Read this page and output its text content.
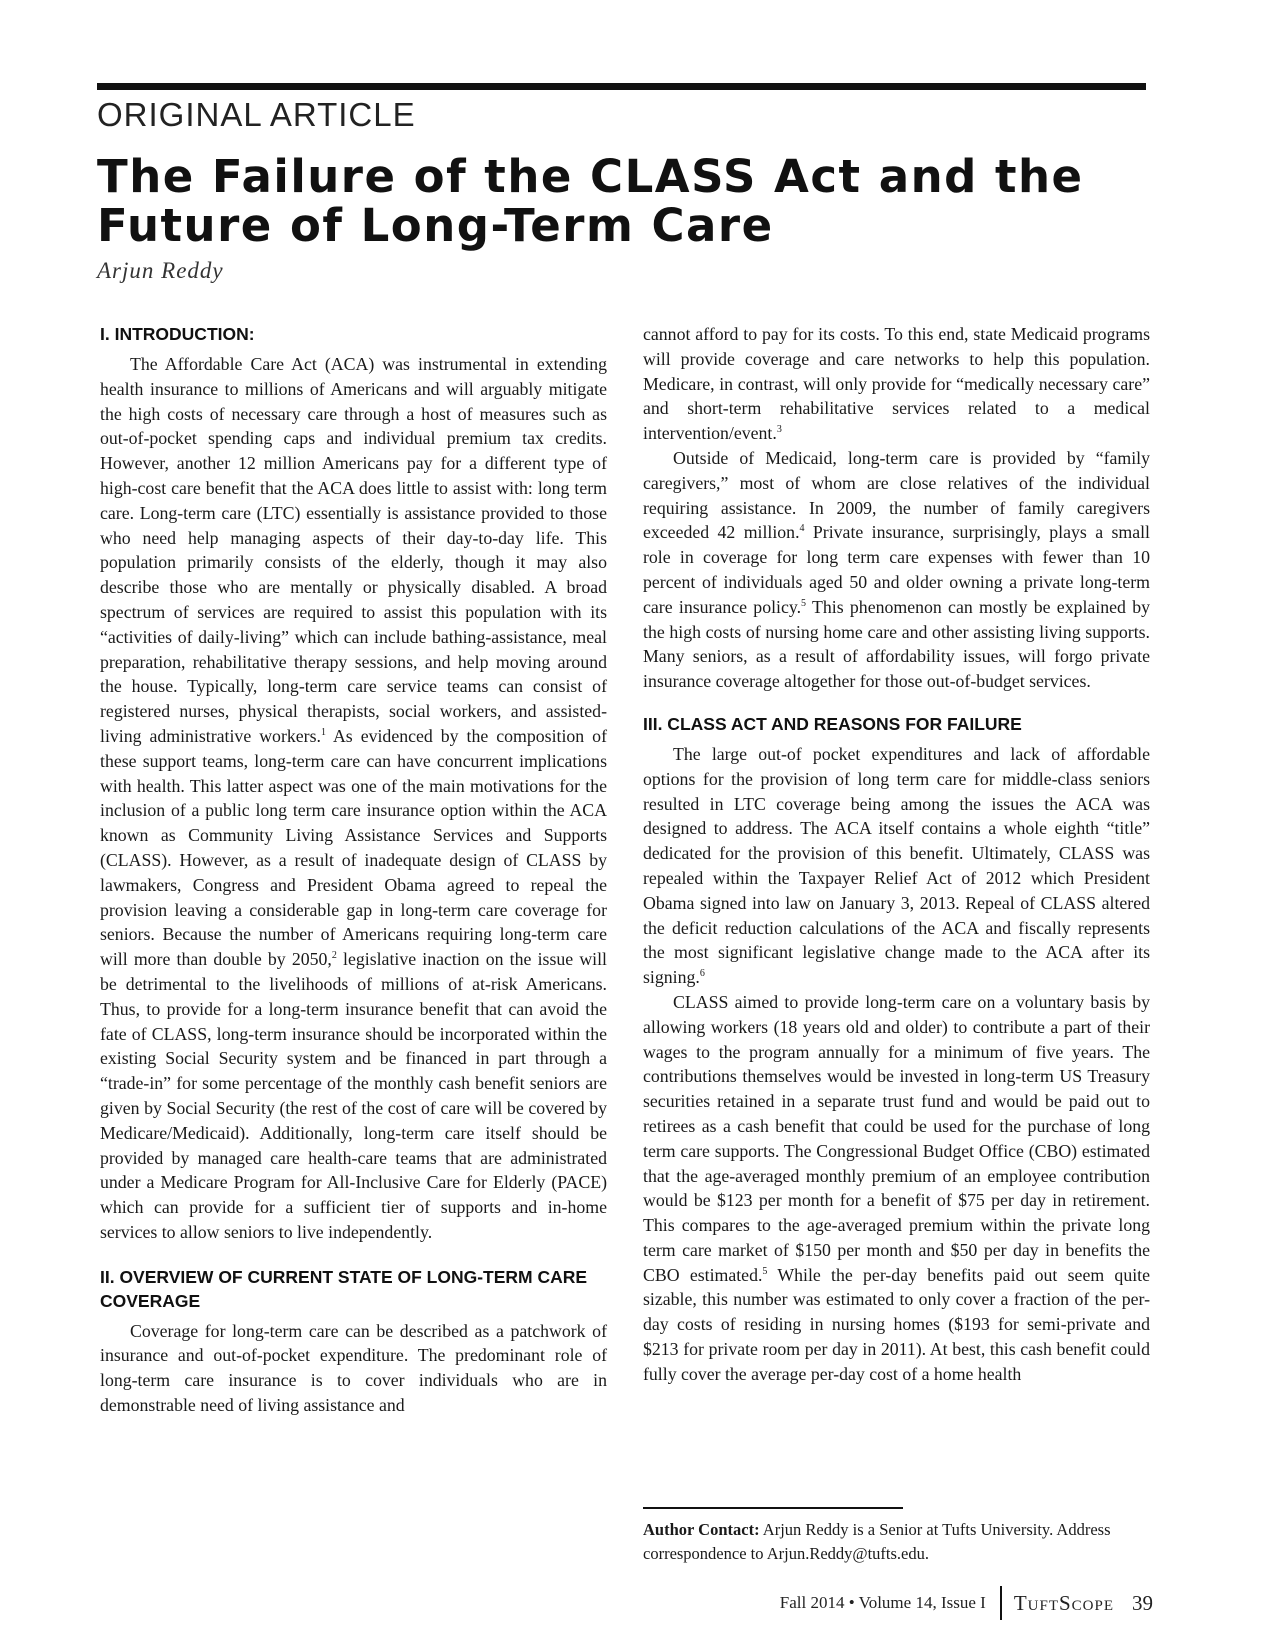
ORIGINAL ARTICLE
The Failure of the CLASS Act and the Future of Long-Term Care
Arjun Reddy
I. INTRODUCTION:

The Affordable Care Act (ACA) was instrumental in extending health insurance to millions of Americans and will arguably mitigate the high costs of necessary care through a host of measures such as out-of-pocket spending caps and individual premium tax credits. However, another 12 million Americans pay for a different type of high-cost care benefit that the ACA does little to assist with: long term care. Long-term care (LTC) essentially is assistance provided to those who need help managing aspects of their day-to-day life. This population primarily consists of the elderly, though it may also describe those who are mentally or physically disabled. A broad spectrum of services are required to assist this population with its “activities of daily-living” which can include bathing-assistance, meal preparation, rehabilitative therapy sessions, and help moving around the house. Typically, long-term care service teams can consist of registered nurses, physical therapists, social workers, and assisted-living administrative workers.$^1$ As evidenced by the composition of these support teams, long-term care can have concurrent implications with health. This latter aspect was one of the main motivations for the inclusion of a public long term care insurance option within the ACA known as Community Living Assistance Services and Supports (CLASS). However, as a result of inadequate design of CLASS by lawmakers, Congress and President Obama agreed to repeal the provision leaving a considerable gap in long-term care coverage for seniors. Because the number of Americans requiring long-term care will more than double by 2050,$^2$ legislative inaction on the issue will be detrimental to the livelihoods of millions of at-risk Americans. Thus, to provide for a long-term insurance benefit that can avoid the fate of CLASS, long-term insurance should be incorporated within the existing Social Security system and be financed in part through a “trade-in” for some percentage of the monthly cash benefit seniors are given by Social Security (the rest of the cost of care will be covered by Medicare/Medicaid). Additionally, long-term care itself should be provided by managed care health-care teams that are administrated under a Medicare Program for All-Inclusive Care for Elderly (PACE) which can provide for a sufficient tier of supports and in-home services to allow seniors to live independently.

II. OVERVIEW OF CURRENT STATE OF LONG-TERM CARE COVERAGE

Coverage for long-term care can be described as a patchwork of insurance and out-of-pocket expenditure. The predominant role of long-term care insurance is to cover individuals who are in demonstrable need of living assistance and

cannot afford to pay for its costs. To this end, state Medicaid programs will provide coverage and care networks to help this population. Medicare, in contrast, will only provide for “medically necessary care” and short-term rehabilitative services related to a medical intervention/event.$^3$

Outside of Medicaid, long-term care is provided by “family caregivers,” most of whom are close relatives of the individual requiring assistance. In 2009, the number of family caregivers exceeded 42 million.$^4$ Private insurance, surprisingly, plays a small role in coverage for long term care expenses with fewer than 10 percent of individuals aged 50 and older owning a private long-term care insurance policy.$^5$ This phenomenon can mostly be explained by the high costs of nursing home care and other assisting living supports. Many seniors, as a result of affordability issues, will forgo private insurance coverage altogether for those out-of-budget services.

III. CLASS ACT AND REASONS FOR FAILURE

The large out-of pocket expenditures and lack of affordable options for the provision of long term care for middle-class seniors resulted in LTC coverage being among the issues the ACA was designed to address. The ACA itself contains a whole eighth “title” dedicated for the provision of this benefit. Ultimately, CLASS was repealed within the Taxpayer Relief Act of 2012 which President Obama signed into law on January 3, 2013. Repeal of CLASS altered the deficit reduction calculations of the ACA and fiscally represents the most significant legislative change made to the ACA after its signing.$^6$

CLASS aimed to provide long-term care on a voluntary basis by allowing workers (18 years old and older) to contribute a part of their wages to the program annually for a minimum of five years. The contributions themselves would be invested in long-term US Treasury securities retained in a separate trust fund and would be paid out to retirees as a cash benefit that could be used for the purchase of long term care supports. The Congressional Budget Office (CBO) estimated that the age-averaged monthly premium of an employee contribution would be $123 per month for a benefit of $75 per day in retirement. This compares to the age-averaged premium within the private long term care market of $150 per month and $50 per day in benefits the CBO estimated.$^5$ While the per-day benefits paid out seem quite sizable, this number was estimated to only cover a fraction of the per-day costs of residing in nursing homes ($193 for semi-private and $213 for private room per day in 2011). At best, this cash benefit could fully cover the average per-day cost of a home health

Author Contact: Arjun Reddy is a Senior at Tufts University. Address correspondence to Arjun.Reddy@tufts.edu.
Fall 2014 • Volume 14, Issue I TuftScope 39
